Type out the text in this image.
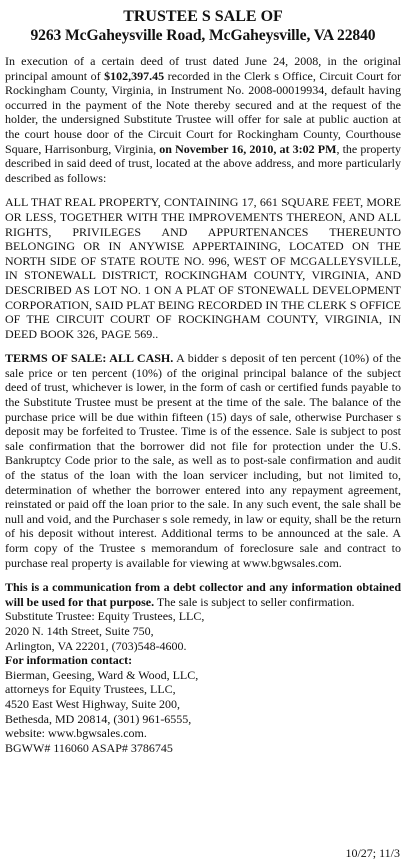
TRUSTEE S SALE OF
9263 McGaheysville Road, McGaheysville, VA 22840

In execution of a certain deed of trust dated June 24, 2008, in the original principal amount of $102,397.45 recorded in the Clerk s Office, Circuit Court for Rockingham County, Virginia, in Instrument No. 2008-00019934, default having occurred in the payment of the Note thereby secured and at the request of the holder, the undersigned Substitute Trustee will offer for sale at public auction at the court house door of the Circuit Court for Rockingham County, Courthouse Square, Harrisonburg, Virginia, on November 16, 2010, at 3:02 PM, the property described in said deed of trust, located at the above address, and more particularly described as follows:

ALL THAT REAL PROPERTY, CONTAINING 17, 661 SQUARE FEET, MORE OR LESS, TOGETHER WITH THE IMPROVEMENTS THEREON, AND ALL RIGHTS, PRIVILEGES AND APPURTENANCES THEREUNTO BELONGING OR IN ANYWISE APPERTAINING, LOCATED ON THE NORTH SIDE OF STATE ROUTE NO. 996, WEST OF MCGALLEYSVILLE, IN STONEWALL DISTRICT, ROCKINGHAM COUNTY, VIRGINIA, AND DESCRIBED AS LOT NO. 1 ON A PLAT OF STONEWALL DEVELOPMENT CORPORATION, SAID PLAT BEING RECORDED IN THE CLERK S OFFICE OF THE CIRCUIT COURT OF ROCKINGHAM COUNTY, VIRGINIA, IN DEED BOOK 326, PAGE 569..

TERMS OF SALE: ALL CASH. A bidder s deposit of ten percent (10%) of the sale price or ten percent (10%) of the original principal balance of the subject deed of trust, whichever is lower, in the form of cash or certified funds payable to the Substitute Trustee must be present at the time of the sale. The balance of the purchase price will be due within fifteen (15) days of sale, otherwise Purchaser s deposit may be forfeited to Trustee. Time is of the essence. Sale is subject to post sale confirmation that the borrower did not file for protection under the U.S. Bankruptcy Code prior to the sale, as well as to post-sale confirmation and audit of the status of the loan with the loan servicer including, but not limited to, determination of whether the borrower entered into any repayment agreement, reinstated or paid off the loan prior to the sale. In any such event, the sale shall be null and void, and the Purchaser s sole remedy, in law or equity, shall be the return of his deposit without interest. Additional terms to be announced at the sale. A form copy of the Trustee s memorandum of foreclosure sale and contract to purchase real property is available for viewing at www.bgwsales.com.

This is a communication from a debt collector and any information obtained will be used for that purpose. The sale is subject to seller confirmation.

Substitute Trustee: Equity Trustees, LLC,
2020 N. 14th Street, Suite 750,
Arlington, VA 22201, (703)548-4600.
For information contact:
Bierman, Geesing, Ward & Wood, LLC,
attorneys for Equity Trustees, LLC,
4520 East West Highway, Suite 200,
Bethesda, MD 20814, (301) 961-6555,
website: www.bgwsales.com.
BGWW# 116060 ASAP# 3786745
10/27; 11/3
